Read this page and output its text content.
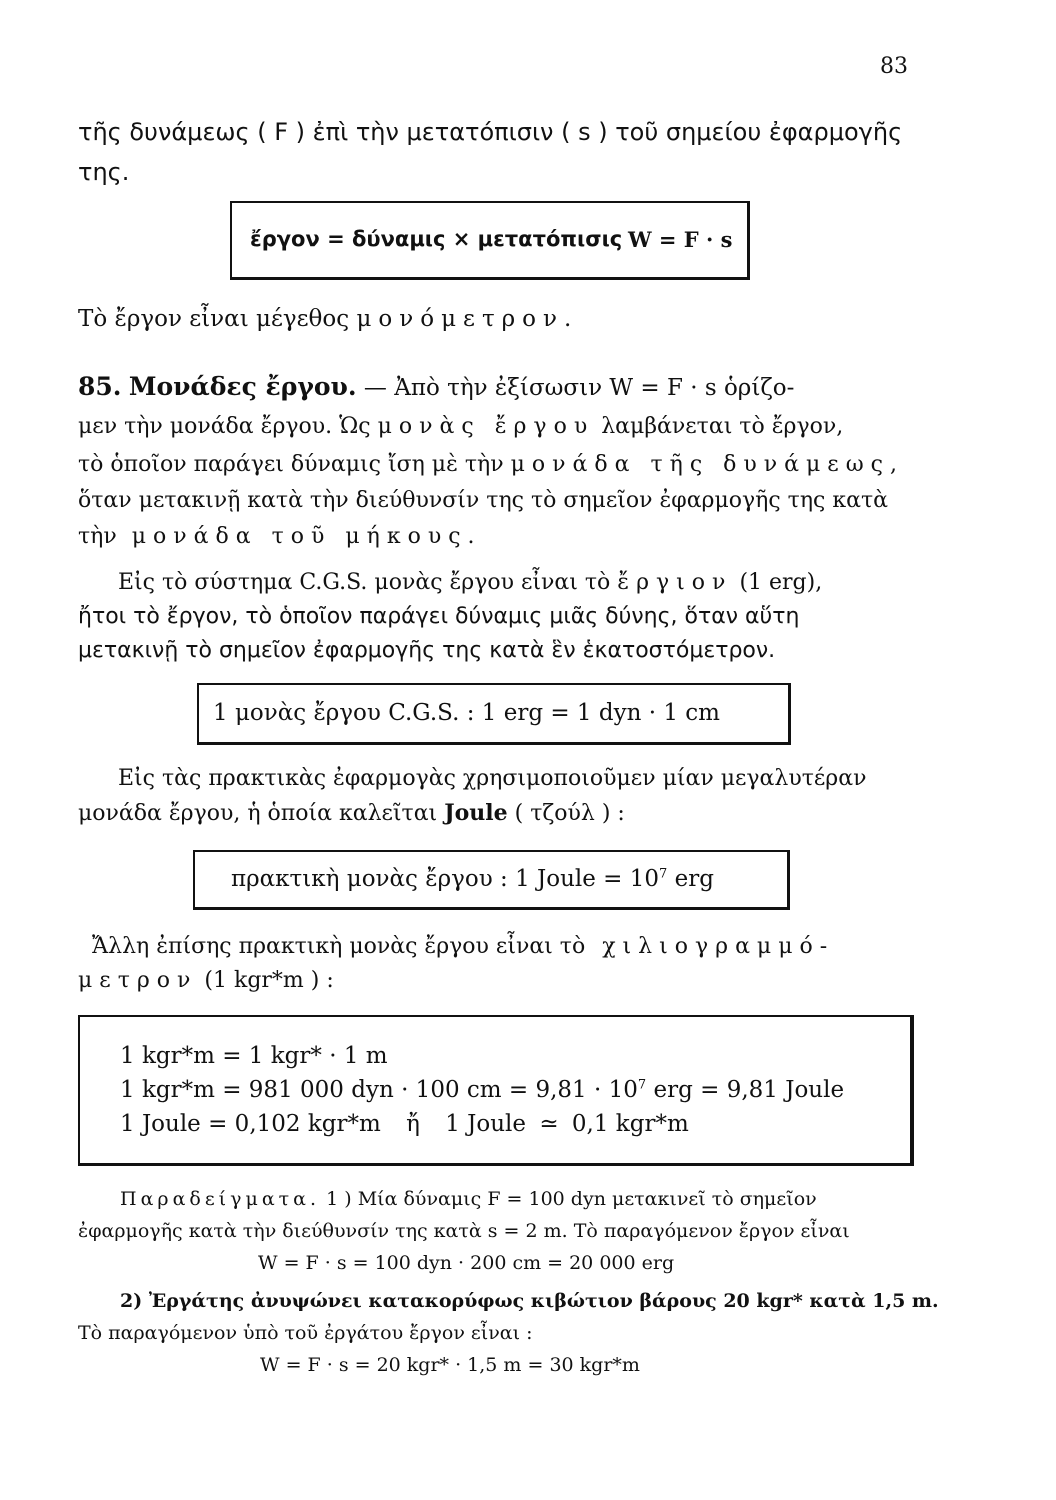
83
τῆς δυνάμεως ( F ) ἐπὶ τὴν μετατόπισιν ( s ) τοῦ σημείου ἐφαρμογῆς
της.
ἔργον = δύναμις × μετατόπισις W = F · s
Τὸ ἔργον εἶναι μέγεθος μονόμετρον.
85. Μονάδες ἔργου. — Ἀπὸ τὴν ἐξίσωσιν W = F · s ὁρίζο-
μεν τὴν μονάδα ἔργου. Ὡς μονὰς ἔργου λαμβάνεται τὸ ἔργον,
τὸ ὁποῖον παράγει δύναμις ἴση μὲ τὴν μονάδα τῆς δυνάμεως,
ὅταν μετακινῇ κατὰ τὴν διεύθυνσίν της τὸ σημεῖον ἐφαρμογῆς της κατὰ
τὴν μονάδα τοῦ μήκους.
Εἰς τὸ σύστημα C.G.S. μονὰς ἔργου εἶναι τὸ ἔργιον (1 erg),
ἤτοι τὸ ἔργον, τὸ ὁποῖον παράγει δύναμις μιᾶς δύνης, ὅταν αὕτη
μετακινῇ τὸ σημεῖον ἐφαρμογῆς της κατὰ ἓν ἑκατοστόμετρον.
1 μονὰς ἔργου C.G.S. : 1 erg = 1 dyn · 1 cm
Εἰς τὰς πρακτικὰς ἐφαρμογὰς χρησιμοποιοῦμεν μίαν μεγαλυτέραν
μονάδα ἔργου, ἡ ὁποία καλεῖται Joule ( τζούλ ) :
πρακτικὴ μονὰς ἔργου : 1 Joule = $10^7$ erg
Ἄλλη ἐπίσης πρακτικὴ μονὰς ἔργου εἶναι τὸ χιλιογραμμό-
μετρον (1 kgr*m ) :
1 kgr*m = 1 kgr* · 1 m
1 kgr*m = 981 000 dyn · 100 cm = $9,81 \cdot 10^7$ erg = 9,81 Joule
1 Joule = 0,102 kgr*m ἤ 1 Joule ≃ 0,1 kgr*m
Παραδείγματα. 1 ) Μία δύναμις F = 100 dyn μετακινεῖ τὸ σημεῖον
ἐφαρμογῆς κατὰ τὴν διεύθυνσίν της κατὰ s = 2 m. Τὸ παραγόμενον ἔργον εἶναι
W = F · s = 100 dyn · 200 cm = 20 000 erg
2) Ἐργάτης ἀνυψώνει κατακορύφως κιβώτιον βάρους 20 kgr* κατὰ 1,5 m.
Τὸ παραγόμενον ὑπὸ τοῦ ἐργάτου ἔργον εἶναι :
W = F · s = 20 kgr* · 1,5 m = 30 kgr*m
